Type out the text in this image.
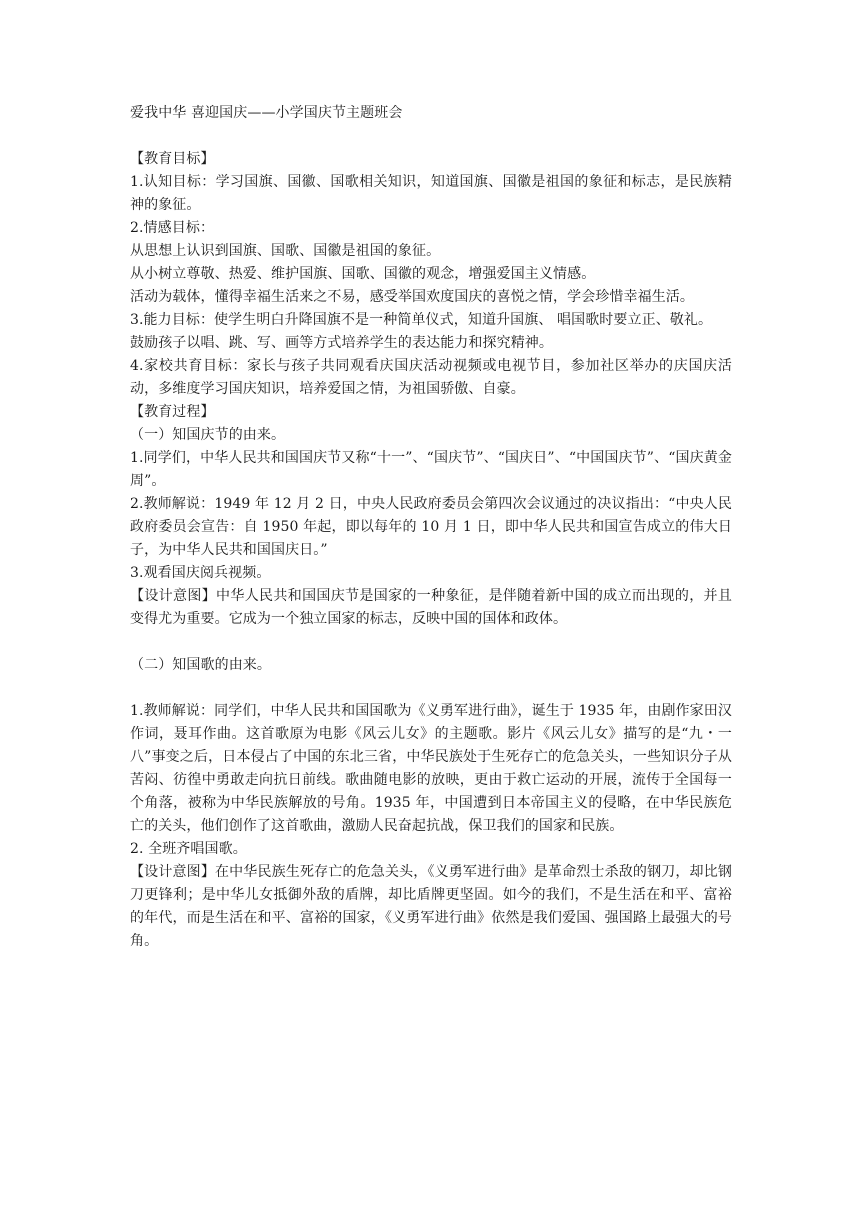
爱我中华 喜迎国庆——小学国庆节主题班会

【教育目标】

1.认知目标：学习国旗、国徽、国歌相关知识，知道国旗、国徽是祖国的象征和标志，是民族精神的象征。

2.情感目标：

从思想上认识到国旗、国歌、国徽是祖国的象征。

从小树立尊敬、热爱、维护国旗、国歌、国徽的观念，增强爱国主义情感。

活动为载体，懂得幸福生活来之不易，感受举国欢度国庆的喜悦之情，学会珍惜幸福生活。

3.能力目标：使学生明白升降国旗不是一种简单仪式，知道升国旗、 唱国歌时要立正、敬礼。

鼓励孩子以唱、跳、写、画等方式培养学生的表达能力和探究精神。

4.家校共育目标：家长与孩子共同观看庆国庆活动视频或电视节目，参加社区举办的庆国庆活动，多维度学习国庆知识，培养爱国之情，为祖国骄傲、自豪。

【教育过程】

（一）知国庆节的由来。

1.同学们，中华人民共和国国庆节又称“十一”、“国庆节”、“国庆日”、“中国国庆节”、“国庆黄金周”。

2.教师解说：1949 年 12 月 2 日，中央人民政府委员会第四次会议通过的决议指出：“中央人民政府委员会宣告：自 1950 年起，即以每年的 10 月 1 日，即中华人民共和国宣告成立的伟大日子，为中华人民共和国国庆日。”

3.观看国庆阅兵视频。

【设计意图】中华人民共和国国庆节是国家的一种象征，是伴随着新中国的成立而出现的，并且变得尤为重要。它成为一个独立国家的标志，反映中国的国体和政体。

（二）知国歌的由来。

1.教师解说：同学们，中华人民共和国国歌为《义勇军进行曲》，诞生于 1935 年，由剧作家田汉作词，聂耳作曲。这首歌原为电影《风云儿女》的主题歌。影片《风云儿女》描写的是“九・一八”事变之后，日本侵占了中国的东北三省，中华民族处于生死存亡的危急关头，一些知识分子从苦闷、彷徨中勇敢走向抗日前线。歌曲随电影的放映，更由于救亡运动的开展，流传于全国每一个角落，被称为中华民族解放的号角。1935 年，中国遭到日本帝国主义的侵略，在中华民族危亡的关头，他们创作了这首歌曲，激励人民奋起抗战，保卫我们的国家和民族。

2. 全班齐唱国歌。

【设计意图】在中华民族生死存亡的危急关头，《义勇军进行曲》是革命烈士杀敌的钢刀，却比钢刀更锋利；是中华儿女抵御外敌的盾牌，却比盾牌更坚固。如今的我们，不是生活在和平、富裕的年代，而是生活在和平、富裕的国家，《义勇军进行曲》依然是我们爱国、强国路上最强大的号角。
